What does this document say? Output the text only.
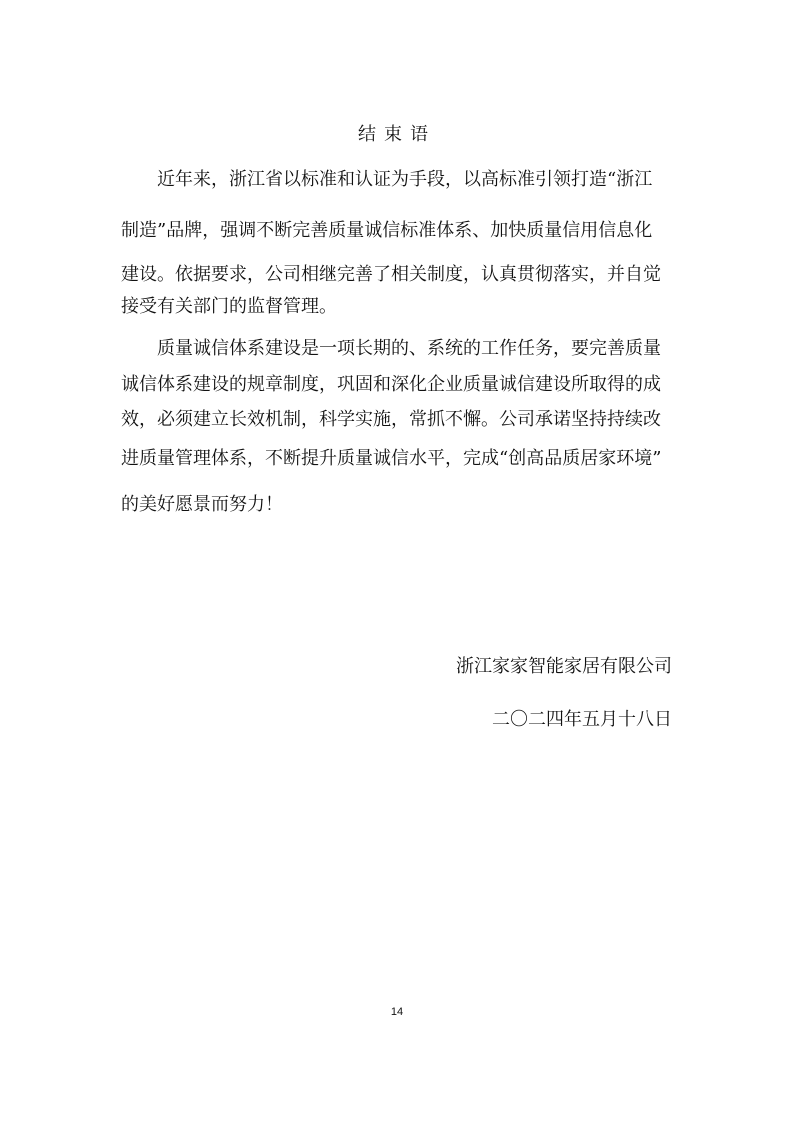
结束语
近年来，浙江省以标准和认证为手段，以高标准引领打造“浙江
制造”品牌，强调不断完善质量诚信标准体系、加快质量信用信息化
建设。依据要求，公司相继完善了相关制度，认真贯彻落实，并自觉
接受有关部门的监督管理。
质量诚信体系建设是一项长期的、系统的工作任务，要完善质量
诚信体系建设的规章制度，巩固和深化企业质量诚信建设所取得的成
效，必须建立长效机制，科学实施，常抓不懈。公司承诺坚持持续改
进质量管理体系，不断提升质量诚信水平，完成“创高品质居家环境”
的美好愿景而努力！
浙江家家智能家居有限公司
二〇二四年五月十八日
14
